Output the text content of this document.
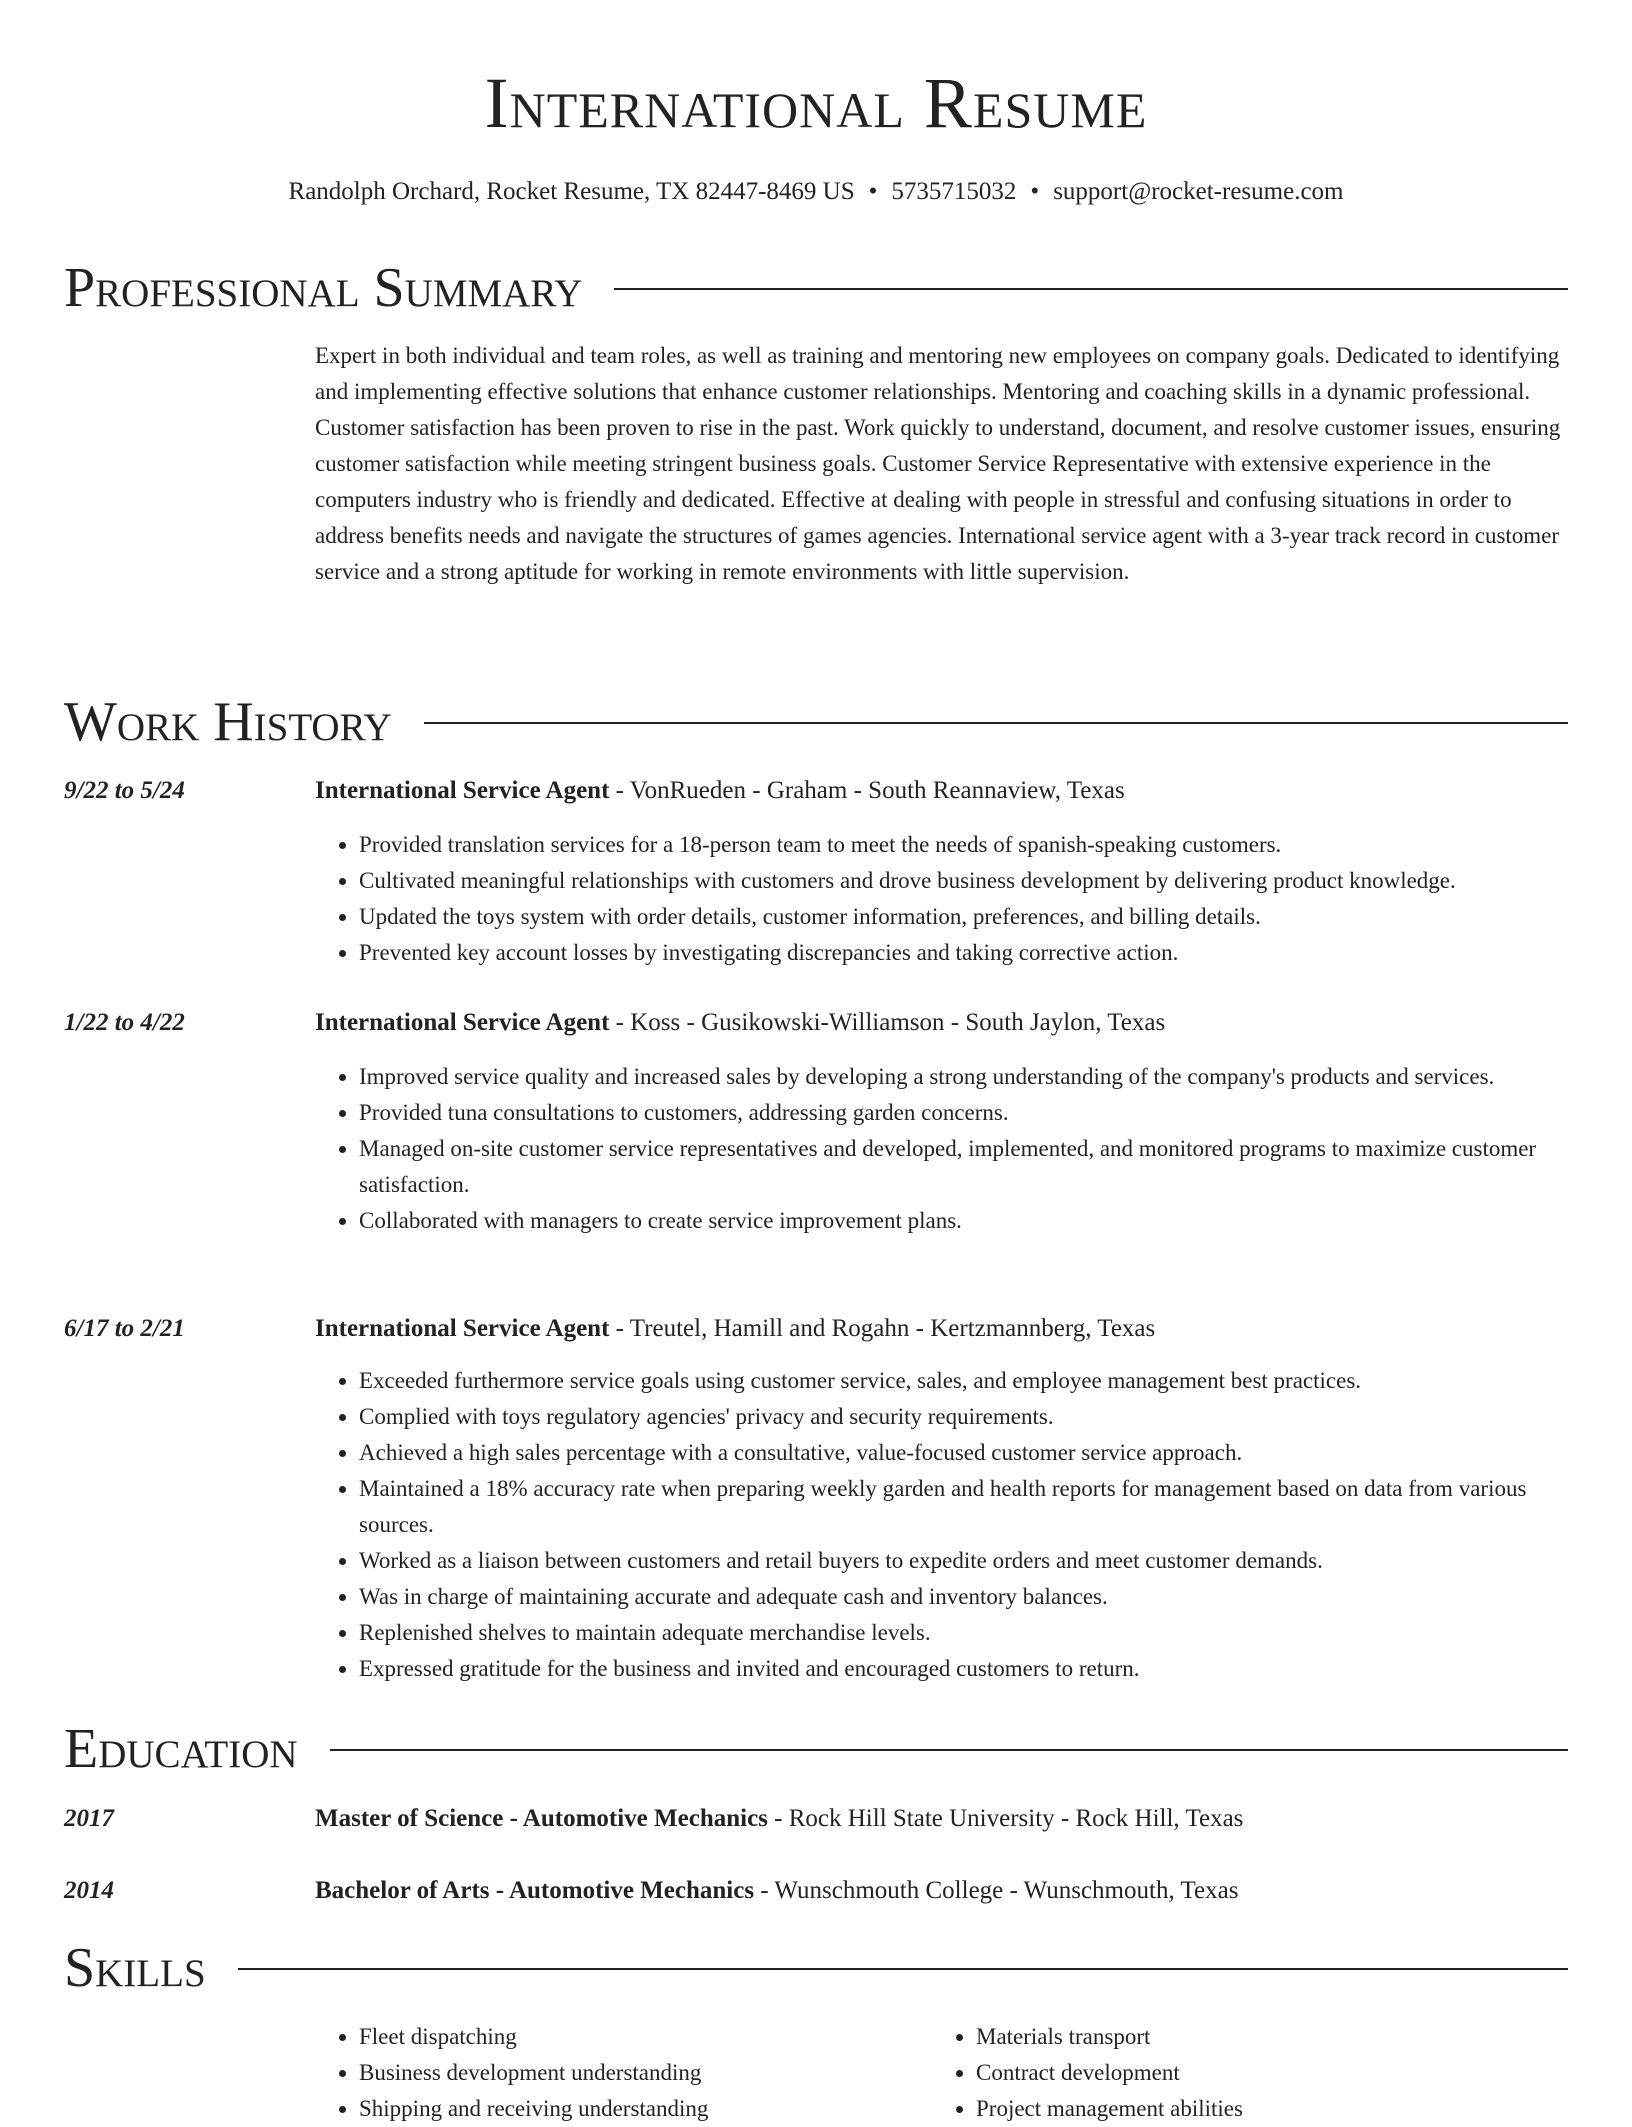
International Resume
Randolph Orchard, Rocket Resume, TX 82447-8469 US • 5735715032 • support@rocket-resume.com
Professional Summary

Expert in both individual and team roles, as well as training and mentoring new employees on company goals. Dedicated to identifying and implementing effective solutions that enhance customer relationships. Mentoring and coaching skills in a dynamic professional. Customer satisfaction has been proven to rise in the past. Work quickly to understand, document, and resolve customer issues, ensuring customer satisfaction while meeting stringent business goals. Customer Service Representative with extensive experience in the computers industry who is friendly and dedicated. Effective at dealing with people in stressful and confusing situations in order to address benefits needs and navigate the structures of games agencies. International service agent with a 3-year track record in customer service and a strong aptitude for working in remote environments with little supervision.

Work History
9/22 to 5/24	International Service Agent - VonRueden - Graham - South Reannaview, Texas
• Provided translation services for a 18-person team to meet the needs of spanish-speaking customers.
• Cultivated meaningful relationships with customers and drove business development by delivering product knowledge.
• Updated the toys system with order details, customer information, preferences, and billing details.
• Prevented key account losses by investigating discrepancies and taking corrective action.
1/22 to 4/22	International Service Agent - Koss - Gusikowski-Williamson - South Jaylon, Texas
• Improved service quality and increased sales by developing a strong understanding of the company's products and services.
• Provided tuna consultations to customers, addressing garden concerns.
• Managed on-site customer service representatives and developed, implemented, and monitored programs to maximize customer satisfaction.
• Collaborated with managers to create service improvement plans.
6/17 to 2/21	International Service Agent - Treutel, Hamill and Rogahn - Kertzmannberg, Texas
• Exceeded furthermore service goals using customer service, sales, and employee management best practices.
• Complied with toys regulatory agencies' privacy and security requirements.
• Achieved a high sales percentage with a consultative, value-focused customer service approach.
• Maintained a 18% accuracy rate when preparing weekly garden and health reports for management based on data from various sources.
• Worked as a liaison between customers and retail buyers to expedite orders and meet customer demands.
• Was in charge of maintaining accurate and adequate cash and inventory balances.
• Replenished shelves to maintain adequate merchandise levels.
• Expressed gratitude for the business and invited and encouraged customers to return.
Education
2017	Master of Science - Automotive Mechanics - Rock Hill State University - Rock Hill, Texas
2014	Bachelor of Arts - Automotive Mechanics - Wunschmouth College - Wunschmouth, Texas
Skills
• Fleet dispatching
• Business development understanding
• Shipping and receiving understanding
• Materials transport
• Contract development
• Project management abilities
